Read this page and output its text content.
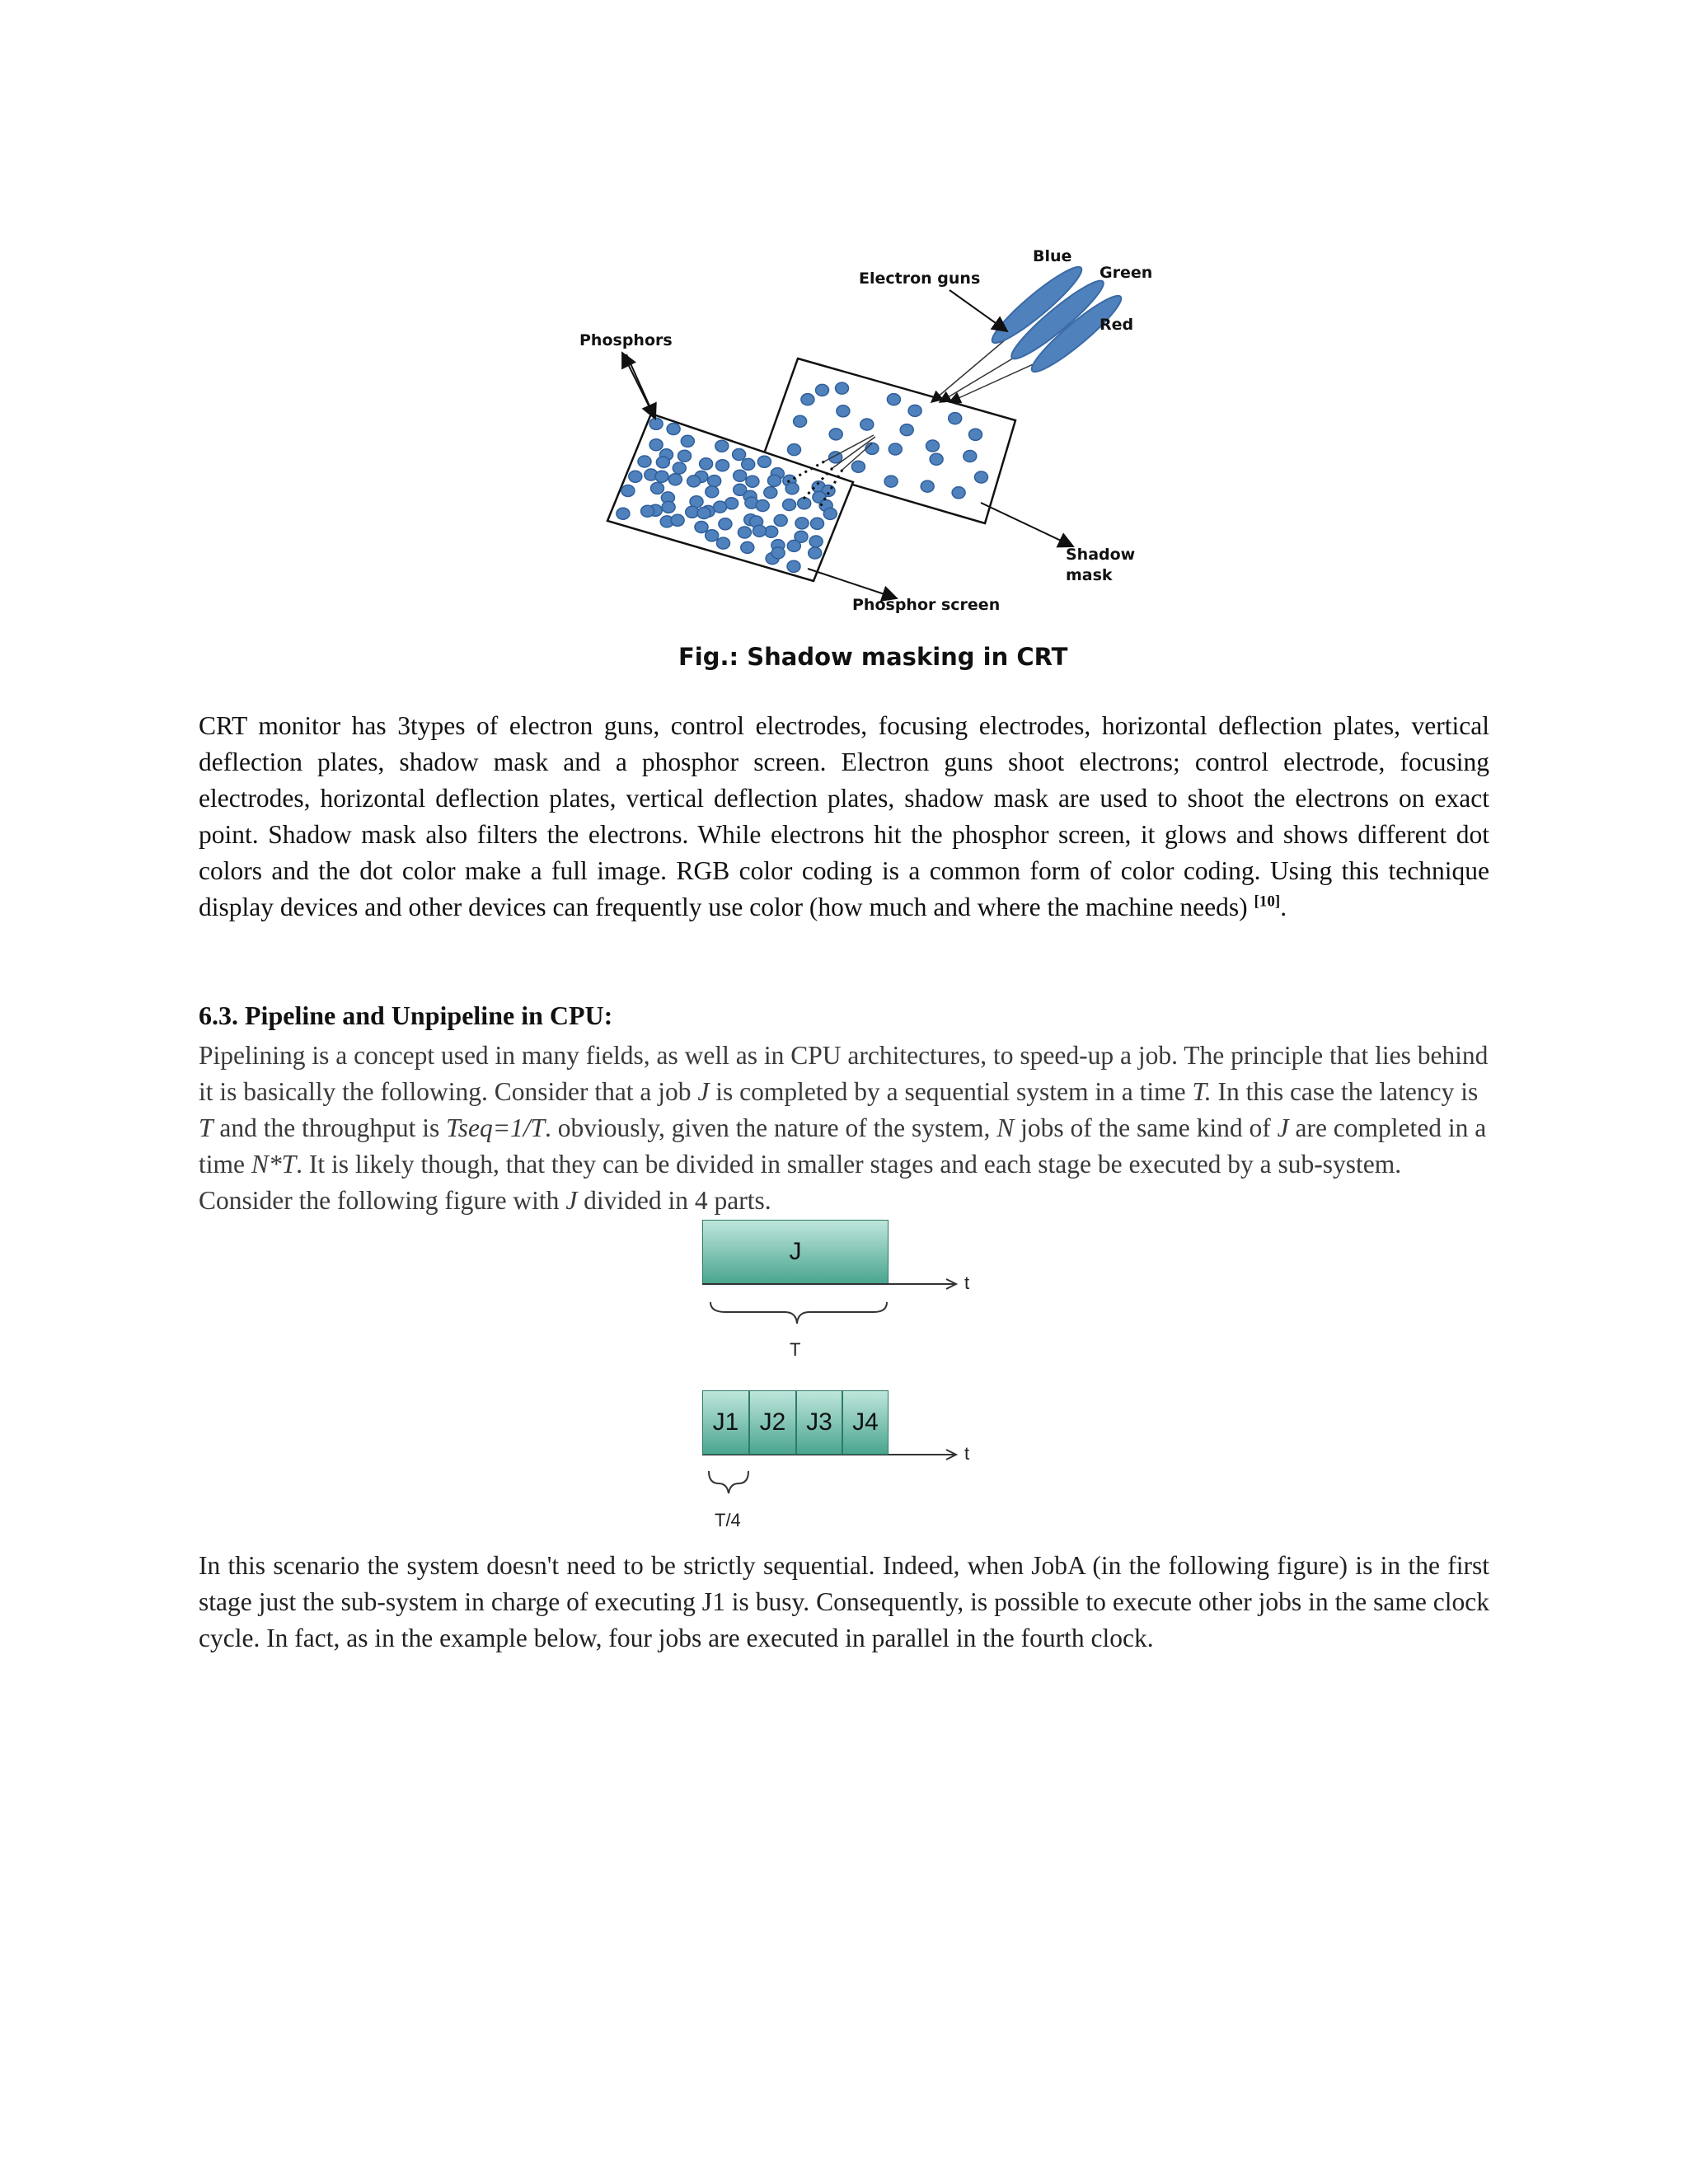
Blue
Green
Red
Electron guns
Phosphors
Shadow
mask
Phosphor screen
Fig.: Shadow masking in CRT

CRT monitor has 3types of electron guns, control electrodes, focusing electrodes, horizontal deflection plates, vertical deflection plates, shadow mask and a phosphor screen. Electron guns shoot electrons; control electrode, focusing electrodes, horizontal deflection plates, vertical deflection plates, shadow mask are used to shoot the electrons on exact point. Shadow mask also filters the electrons. While electrons hit the phosphor screen, it glows and shows different dot colors and the dot color make a full image. RGB color coding is a common form of color coding. Using this technique display devices and other devices can frequently use color (how much and where the machine needs) [10].

6.3. Pipeline and Unpipeline in CPU:

Pipelining is a concept used in many fields, as well as in CPU architectures, to speed-up a job. The principle that lies behind it is basically the following. Consider that a job J is completed by a sequential system in a time T. In this case the latency is T and the throughput is Tseq=1/T. obviously, given the nature of the system, N jobs of the same kind of J are completed in a time N*T. It is likely though, that they can be divided in smaller stages and each stage be executed by a sub-system. Consider the following figure with J divided in 4 parts.

J
t
T
J1 J2 J3 J4
t
T/4

In this scenario the system doesn't need to be strictly sequential. Indeed, when JobA (in the following figure) is in the first stage just the sub-system in charge of executing J1 is busy. Consequently, is possible to execute other jobs in the same clock cycle. In fact, as in the example below, four jobs are executed in parallel in the fourth clock.
